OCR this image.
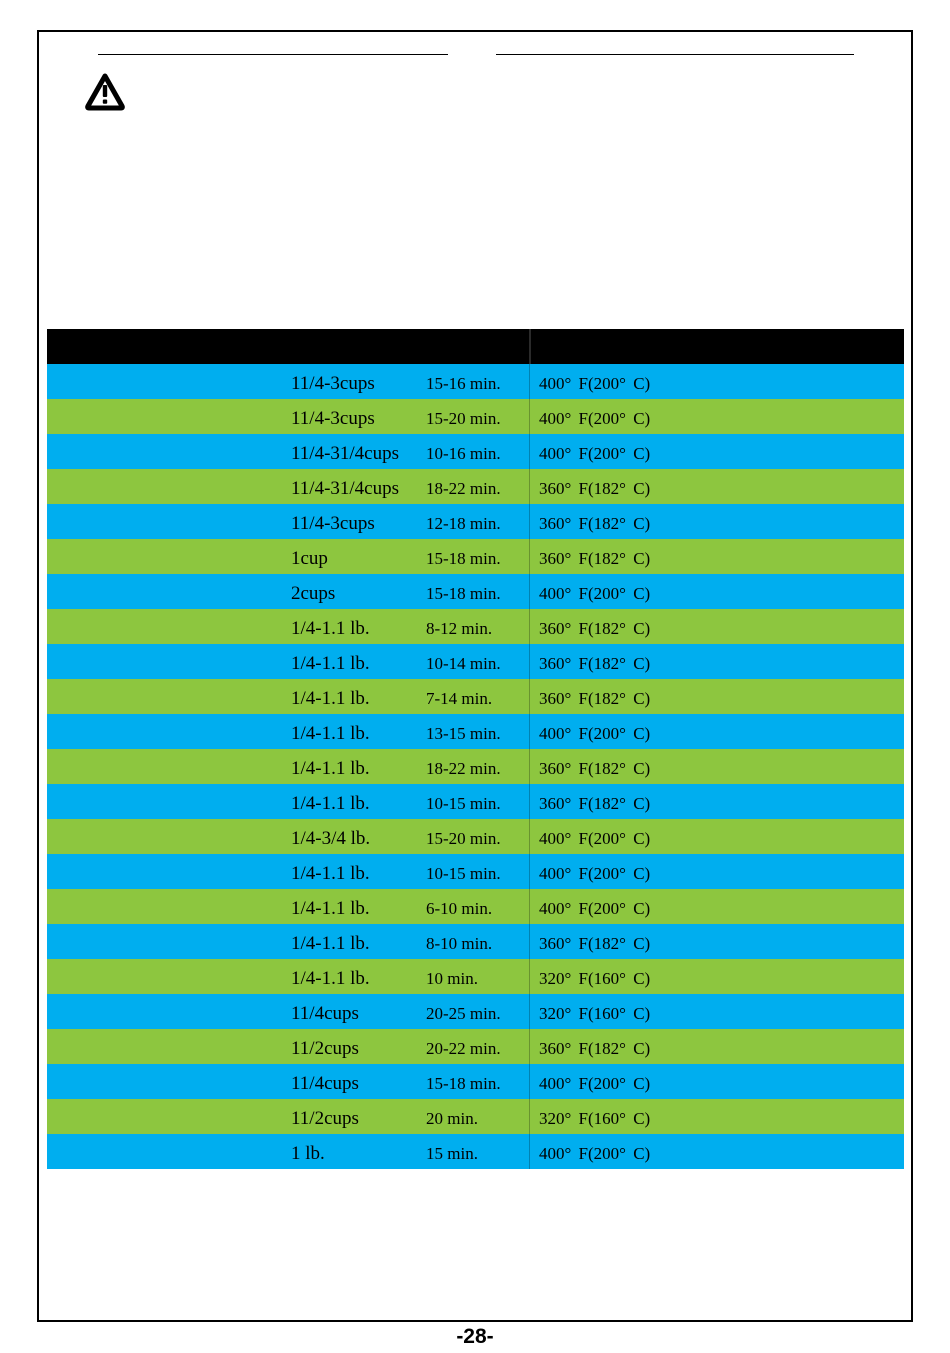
11/4-3cups	15-16 min. 400° F(200° C)
11/4-3cups	15-20 min. 400° F(200° C)
11/4-31/4cups 10-16 min. 400° F(200° C)
11/4-31/4cups 18-22 min. 360° F(182° C)
11/4-3cups	12-18 min. 360° F(182° C)
1cup	15-18 min. 360° F(182° C)
2cups	15-18 min. 400° F(200° C)
1/4-1.1 lb.	8-12 min.	360° F(182° C)
1/4-1.1 lb.	10-14 min. 360° F(182° C)
1/4-1.1 lb.	7-14 min.	360° F(182° C)
1/4-1.1 lb.	13-15 min. 400° F(200° C)
1/4-1.1 lb.	18-22 min. 360° F(182° C)
1/4-1.1 lb.	10-15 min. 360° F(182° C)
1/4-3/4 lb.	15-20 min. 400° F(200° C)
1/4-1.1 lb.	10-15 min. 400° F(200° C)
1/4-1.1 lb.	6-10 min.	400° F(200° C)
1/4-1.1 lb.	8-10 min.	360° F(182° C)
1/4-1.1 lb.	10 min.	320° F(160° C)
11/4cups	20-25 min. 320° F(160° C)
11/2cups	20-22 min. 360° F(182° C)
11/4cups	15-18 min. 400° F(200° C)
11/2cups	20 min.	320° F(160° C)
1 lb.	15 min.	400° F(200° C)
-28-
